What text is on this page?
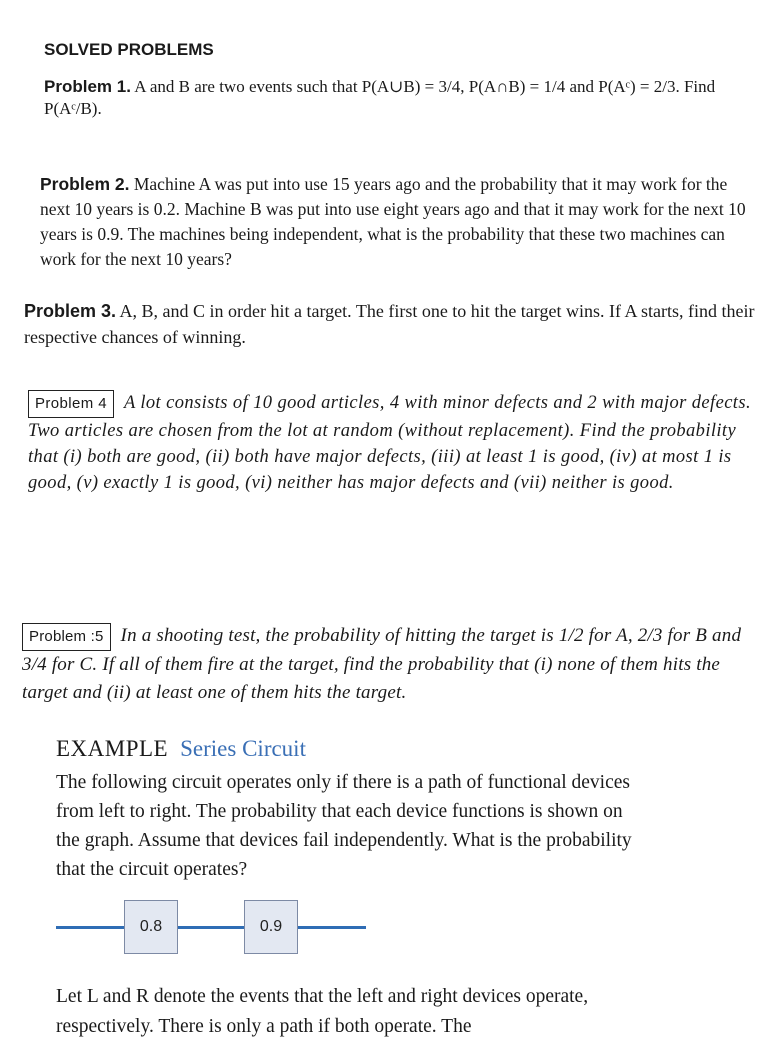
SOLVED PROBLEMS
Problem 1. A and B are two events such that P(A∪B) = 3/4, P(A∩B) = 1/4 and P(Aᶜ) = 2/3. Find P(Aᶜ/B).
Problem 2. Machine A was put into use 15 years ago and the probability that it may work for the next 10 years is 0.2. Machine B was put into use eight years ago and that it may work for the next 10 years is 0.9. The machines being independent, what is the probability that these two machines can work for the next 10 years?
Problem 3. A, B, and C in order hit a target. The first one to hit the target wins. If A starts, find their respective chances of winning.
Problem 4 A lot consists of 10 good articles, 4 with minor defects and 2 with major defects. Two articles are chosen from the lot at random (without replacement). Find the probability that (i) both are good, (ii) both have major defects, (iii) at least 1 is good, (iv) at most 1 is good, (v) exactly 1 is good, (vi) neither has major defects and (vii) neither is good.
Problem :5 In a shooting test, the probability of hitting the target is 1/2 for A, 2/3 for B and 3/4 for C. If all of them fire at the target, find the probability that (i) none of them hits the target and (ii) at least one of them hits the target.
EXAMPLE Series Circuit
The following circuit operates only if there is a path of functional devices from left to right. The probability that each device functions is shown on the graph. Assume that devices fail independently. What is the probability that the circuit operates?
0.8	0.9
Let L and R denote the events that the left and right devices operate, respectively. There is only a path if both operate. The
